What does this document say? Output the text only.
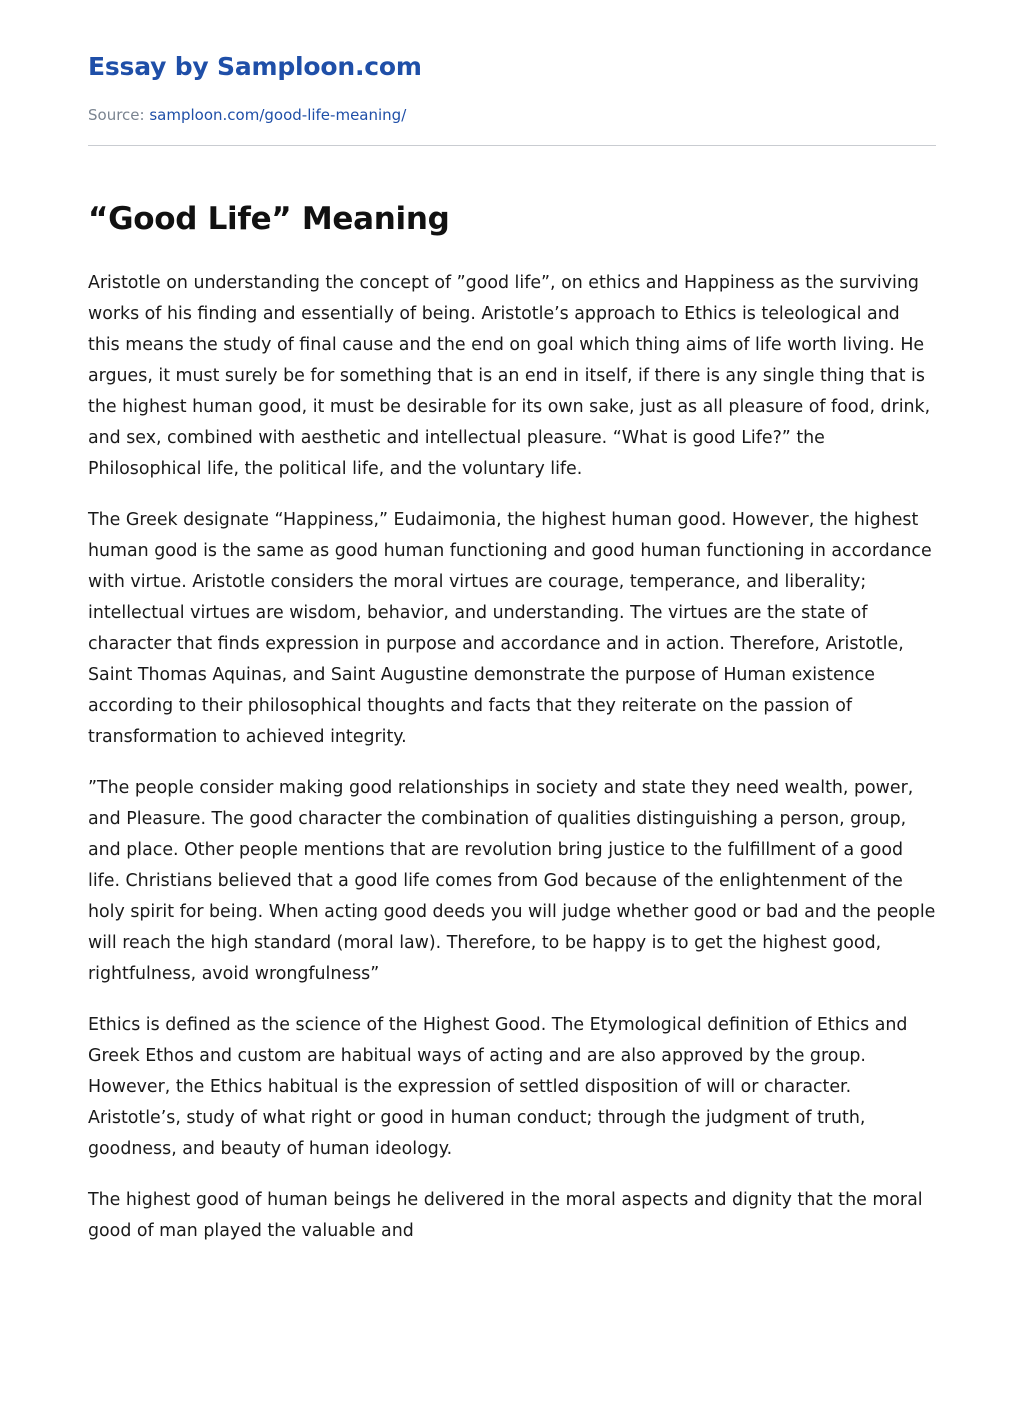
Essay by Samploon.com
Source: samploon.com/good-life-meaning/
“Good Life” Meaning

Aristotle on understanding the concept of ”good life”, on ethics and Happiness as the surviving works of his finding and essentially of being. Aristotle’s approach to Ethics is teleological and this means the study of final cause and the end on goal which thing aims of life worth living. He argues, it must surely be for something that is an end in itself, if there is any single thing that is the highest human good, it must be desirable for its own sake, just as all pleasure of food, drink, and sex, combined with aesthetic and intellectual pleasure. “What is good Life?” the Philosophical life, the political life, and the voluntary life.

The Greek designate “Happiness,” Eudaimonia, the highest human good. However, the highest human good is the same as good human functioning and good human functioning in accordance with virtue. Aristotle considers the moral virtues are courage, temperance, and liberality; intellectual virtues are wisdom, behavior, and understanding. The virtues are the state of character that finds expression in purpose and accordance and in action. Therefore, Aristotle, Saint Thomas Aquinas, and Saint Augustine demonstrate the purpose of Human existence according to their philosophical thoughts and facts that they reiterate on the passion of transformation to achieved integrity.

”The people consider making good relationships in society and state they need wealth, power, and Pleasure. The good character the combination of qualities distinguishing a person, group, and place. Other people mentions that are revolution bring justice to the fulfillment of a good life. Christians believed that a good life comes from God because of the enlightenment of the holy spirit for being. When acting good deeds you will judge whether good or bad and the people will reach the high standard (moral law). Therefore, to be happy is to get the highest good, rightfulness, avoid wrongfulness”

Ethics is defined as the science of the Highest Good. The Etymological definition of Ethics and Greek Ethos and custom are habitual ways of acting and are also approved by the group. However, the Ethics habitual is the expression of settled disposition of will or character. Aristotle’s, study of what right or good in human conduct; through the judgment of truth, goodness, and beauty of human ideology.

The highest good of human beings he delivered in the moral aspects and dignity that the moral good of man played the valuable and
